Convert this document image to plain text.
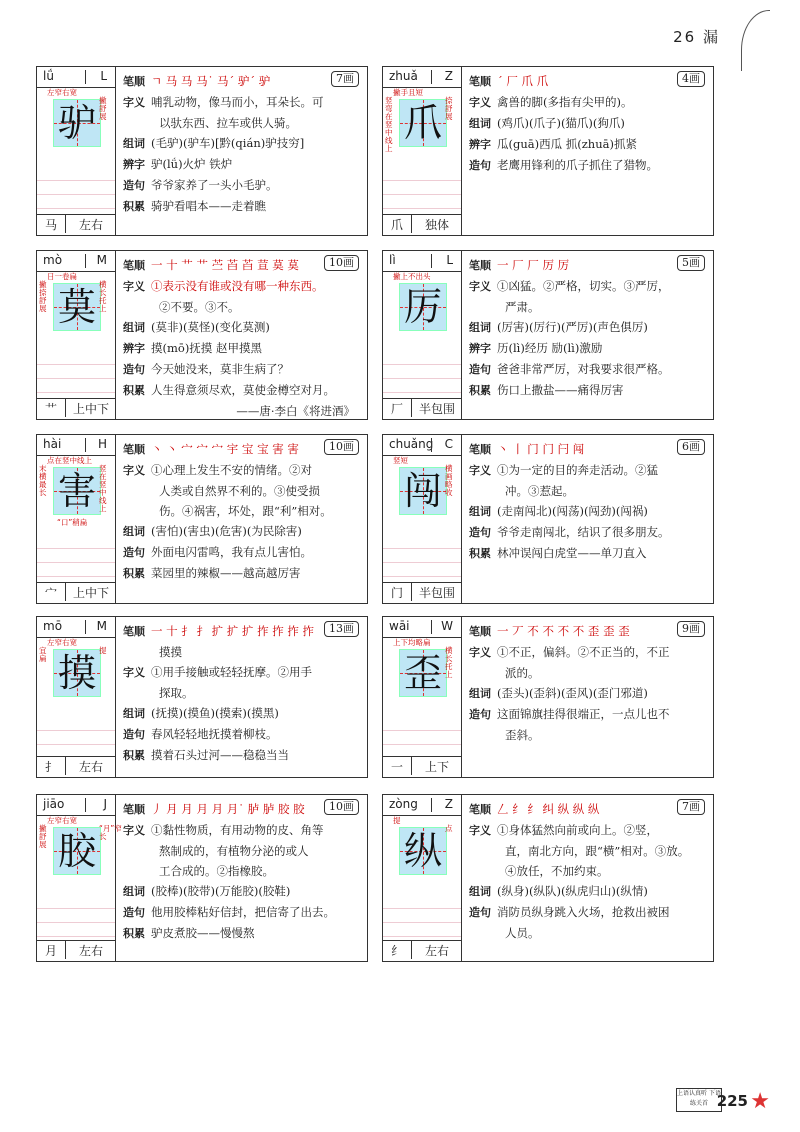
26 漏
lǘ	L
驴
左窄右宽
撇舒展
马	左右
笔顺 ㄱ 马 马 马˙ 马ˊ 驴ˊ 驴	7画
字义 哺乳动物，像马而小，耳朵长。可
以驮东西、拉车或供人骑。
组词 (毛驴)(驴车)[黔(qián)驴技穷]
辨字 驴(lǘ)火炉 铁炉
造句 爷爷家养了一头小毛驴。
积累 骑驴看唱本——走着瞧
zhuǎ Z
爪
撇手且短
捺舒展
竖弯在竖中线上
爪	独体
笔顺 ´ 厂 爪 爪	4画
字义 禽兽的脚(多指有尖甲的)。
组词 (鸡爪)(爪子)(猫爪)(狗爪)
辨字 瓜(guā)西瓜 抓(zhuā)抓紧
造句 老鹰用锋利的爪子抓住了猎物。
mò	M
莫
日一卷扁
横长托上
撇捺舒展
艹	上中下
笔顺 一 十 艹 艹 苎 苩 苩 荁 莫 莫	10画
字义 ①表示没有谁或没有哪一种东西。
②不要。③不。
组词 (莫非)(莫怪)(变化莫测)
辨字 摸(mō)抚摸 赵甲摸黑
造句 今天她没来，莫非生病了？
积累 人生得意须尽欢，莫使金樽空对月。
——唐·李白《将进酒》
lì	L
厉
撇上不出头
厂	半包围
笔顺 一 厂 厂 厉 厉	5画
字义 ①凶猛。②严格，切实。③严厉，
严肃。
组词 (厉害)(厉行)(严厉)(声色俱厉)
辨字 历(lì)经历 励(lì)激励
造句 爸爸非常严厉，对我要求很严格。
积累 伤口上撒盐——痛得厉害
hài	H
害
点在竖中线上
竖在竖中线上
末横最长
“口”稍扁
宀	上中下
笔顺 丶 丶 宀 宀 宀 宇 宝 宝 害 害	10画
字义 ①心理上发生不安的情绪。②对
人类或自然界不利的。③使受损
伤。④祸害，坏处，跟“利”相对。
组词 (害怕)(害虫)(危害)(为民除害)
造句 外面电闪雷鸣，我有点儿害怕。
积累 菜园里的辣椒——越高越厉害
chuǎng C
闯
竖短
横画略收
门	半包围
笔顺 丶 丨 门 门 闩 闯	6画
字义 ①为一定的目的奔走活动。②猛
冲。③惹起。
组词 (走南闯北)(闯荡)(闯劲)(闯祸)
造句 爷爷走南闯北，结识了很多朋友。
积累 林冲误闯白虎堂——单刀直入
mō	M
摸
左窄右宽
提
宜扁
扌	左右
笔顺 一 十 扌 扌 扩 扩 扩 拃 拃 拃 拃	13画
摸摸
字义 ①用手接触或轻轻抚摩。②用手
探取。
组词 (抚摸)(摸鱼)(摸索)(摸黑)
造句 春风轻轻地抚摸着柳枝。
积累 摸着石头过河——稳稳当当
wāi	W
歪
上下均略扁
横长托上
一	上下
笔顺 一 丆 不 不 不 不 歪 歪 歪	9画
字义 ①不正，偏斜。②不正当的，不正
派的。
组词 (歪头)(歪斜)(歪风)(歪门邪道)
造句 这面锦旗挂得很端正，一点儿也不
歪斜。
jiāo	J
胶
左窄右宽
“月”窄长
撇舒展
月	左右
笔顺 丿 月 月 月 月 月˙ 胪 胪 胶 胶	10画
字义 ①黏性物质，有用动物的皮、角等
熬制成的，有植物分泌的或人
工合成的。②指橡胶。
组词 (胶棒)(胶带)(万能胶)(胶鞋)
造句 他用胶棒粘好信封，把信寄了出去。
积累 驴皮煮胶——慢慢熬
zòng Z
纵
提
点
纟	左右
笔顺 𠃋 纟 纟 纠 纵 纵 纵	7画
字义 ①身体猛然向前或向上。②竖，
直，南北方向，跟“横”相对。③放。
④放任，不加约束。
组词 (纵身)(纵队)(纵虎归山)(纵情)
造句 消防员纵身跳入火场，抢救出被困
人员。
上语认真听 下语练关首 225 ★
